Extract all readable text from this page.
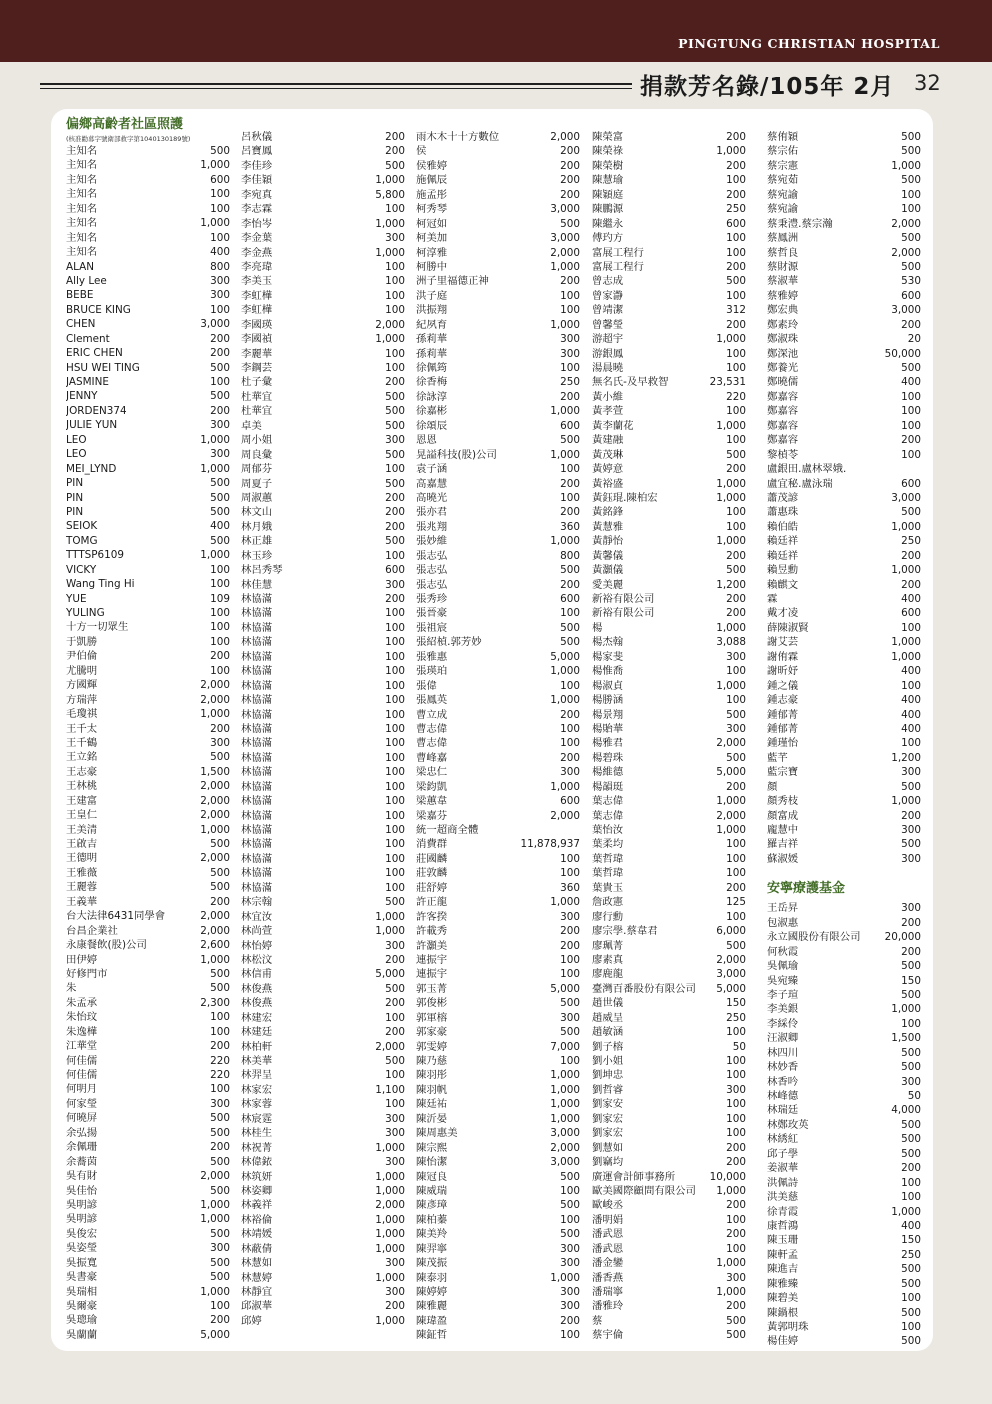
PINGTUNG CHRISTIAN HOSPITAL

捐款芳名錄/105年 2月 32

偏鄉高齡者社區照護

(核准勸募字號衛部救字第1040130189號)
主知名	500
主知名	1,000
主知名	600
主知名	100
主知名	100
主知名	1,000
主知名	100
主知名	400
ALAN	800
Ally Lee	300
BEBE	300
BRUCE KING	100
CHEN	3,000
Clement	200
ERIC CHEN	200
HSU WEI TING	500
JASMINE	100
JENNY	500
JORDEN374	200
JULIE YUN	300
LEO	1,000
LEO	300
MEI_LYND	1,000
PIN	500
PIN	500
PIN	500
SEIOK	400
TOMG	500
TTTSP6109	1,000
VICKY	100
Wang Ting Hi	100
YUE	109
YULING	100
十方一切眾生	100
于凱勝	100
尹伯倫	200
尤騰明	100
方國輝	2,000
方瑞萍	2,000
毛瓊祺	1,000
王千太	200
王千鶴	300
王立銘	500
王志豪	1,500
王林桃	2,000
王建富	2,000
王皇仁	2,000
王美清	1,000
王啟吉	500
王德明	2,000
王雅薇	500
王麗蓉	500
王義華	200
台大法律6431同學會	2,000
台昌企業社	2,000
永康餐飲(股)公司	2,600
田伊婷	1,000
好修門市	500
朱	500
朱孟承	2,300
朱怡玟	100
朱逸樺	100
江華堂	200
何佳儒	220
何佳儒	220
何明月	100
何家瑩	300
何曉屏	500
余弘揚	500
余佩珊	200
余蕎茵	500
吳有財	2,000
吳佳怡	500
吳明諺	1,000
吳明諺	1,000
吳俊宏	500
吳姿瑩	300
吳振寬	500
吳書豪	500
吳瑞相	1,000
吳爾豪	100
吳璁瑜	200
吳蘭蘭	5,000
呂秋儀	200
呂寶鳳	200
李佳珍	500
李佳穎	1,000
李宛真	5,800
李志霖	100
李怡岑	1,000
李金葉	300
李金燕	1,000
李亮瑋	100
李美玉	100
李虹樺	100
李虹樺	100
李國瑛	2,000
李國禎	1,000
李麗華	100
李鋼芸	100
杜子彙	200
杜華宜	500
杜華宜	500
卓美	500
周小姐	300
周良彙	500
周郁芬	100
周夏子	500
周淑蕙	200
林文山	200
林月娥	200
林正雄	500
林玉珍	100
林呂秀琴	600
林佳慧	300
林協滿	200
林協滿	100
林協滿	100
林協滿	100
林協滿	100
林協滿	100
林協滿	100
林協滿	100
林協滿	100
林協滿	100
林協滿	100
林協滿	100
林協滿	100
林協滿	100
林協滿	100
林協滿	100
林協滿	100
林協滿	100
林協滿	100
林協滿	100
林協滿	100
林宗翰	500
林宜汝	1,000
林尚萱	1,000
林怡婷	300
林松汶	200
林信甫	5,000
林俊燕	500
林俊燕	200
林建宏	100
林建廷	200
林柏軒	2,000
林美華	500
林羿呈	100
林家宏	1,100
林家蓉	100
林宸霆	300
林桂生	300
林祝菁	1,000
林偉銥	300
林筑妍	1,000
林姿卿	1,000
林義祥	2,000
林裕倫	1,000
林靖媛	1,000
林蔽倩	1,000
林慧如	300
林慧婷	1,000
林靜宜	300
邱淑華	200
邱婷	1,000
雨木木十十方數位	2,000
侯	200
侯雅婷	200
施佩辰	200
施孟彤	200
柯秀琴	3,000
柯冠如	500
柯美加	3,000
柯淳雅	2,000
柯勝中	1,000
洲子里福德正神	200
洪子庭	100
洪振翔	100
紀夙育	1,000
孫莉華	300
孫莉華	300
徐佩筠	100
徐香梅	250
徐詠淳	200
徐嘉彬	1,000
徐頌辰	600
恩恩	500
晃謚科技(股)公司	1,000
袁子涵	100
高嘉慧	200
高曉光	100
張亦君	200
張兆翔	360
張妙維	1,000
張志弘	800
張志弘	500
張志弘	200
張秀珍	600
張晉豪	100
張祖宸	500
張紹楨.郭芳妙	500
張雅惠	5,000
張瑛珀	1,000
張偉	100
張鳳英	1,000
曹立成	200
曹志偉	100
曹志偉	100
曹峰嘉	200
梁忠仁	300
梁鈞凱	1,000
梁蕙韋	600
梁嘉芬	2,000
統一超商全體
消費群	11,878,937
莊國麟	100
莊敦麟	100
莊舒婷	360
許正龍	1,000
許客揆	300
許載秀	200
許灝美	200
連振宇	100
連振宇	100
郭玉菁	5,000
郭俊彬	500
郭軍榕	300
郭家豪	500
郭雯婷	7,000
陳乃慈	100
陳羽彤	1,000
陳羽帆	1,000
陳廷祐	1,000
陳沂晏	1,000
陳周惠美	3,000
陳宗熙	2,000
陳怡潔	3,000
陳冠良	500
陳威瑞	100
陳彥璋	500
陳柏蓁	100
陳美羚	500
陳羿寧	300
陳茂振	300
陳泰羽	1,000
陳婷婷	300
陳雅麗	300
陳瑋盈	200
陳鉦哲	100
陳榮富	200
陳榮祿	1,000
陳榮樹	200
陳慧瑜	100
陳穎庭	200
陳鵬源	250
陳繼永	600
傅玓方	100
富展工程行	100
富展工程行	200
曾志成	500
曾家瀞	100
曾靖潔	312
曾馨瑩	200
游超宇	1,000
游銀鳳	100
湯晨曉	100
無名氏-及早救智	23,531
黃小維	220
黃孝萱	100
黃李蘭花	1,000
黃建融	100
黃茂琳	500
黃婷意	200
黃裕盛	1,000
黃鈺琨.陳柏宏	1,000
黃銘鋒	100
黃慧雅	100
黃靜怡	1,000
黃馨儀	200
黃灝儀	500
愛美麗	1,200
新裕有限公司	200
新裕有限公司	200
楊	1,000
楊杰翰	3,088
楊家斐	300
楊惟喬	100
楊淑貞	1,000
楊勝涵	100
楊景翔	500
楊貽華	300
楊雅君	2,000
楊碧珠	500
楊維德	5,000
楊韻珽	200
葉志偉	1,000
葉志偉	2,000
葉怡汝	1,000
葉柔均	100
葉哲瑋	100
葉哲瑋	100
葉貴玉	200
詹政憲	125
廖行勳	100
廖宗學.蔡韋君	6,000
廖珮菁	500
廖素真	2,000
廖鹿龍	3,000
臺灣百番股份有限公司	5,000
趙世儀	150
趙威呈	250
趙敏涵	100
劉子榕	50
劉小姐	100
劉坤忠	100
劉哲睿	300
劉家安	100
劉家宏	100
劉家宏	100
劉慧如	200
劉竊均	200
廣運會計師事務所	10,000
歐美國際顧問有限公司	1,000
歐峻丞	200
潘明娟	100
潘武恩	200
潘武恩	100
潘金鑾	1,000
潘香燕	300
潘瑞寧	1,000
潘雅玲	200
蔡	500
蔡宇倫	500
蔡侑穎	500
蔡宗佑	500
蔡宗憲	1,000
蔡宛茹	500
蔡宛諭	100
蔡宛諭	100
蔡秉澧.蔡宗瀚	2,000
蔡鳳洲	500
蔡哲良	2,000
蔡財源	500
蔡淑華	530
蔡雅婷	600
鄭宏典	3,000
鄭素玲	200
鄭淑珠	20
鄭深池	50,000
鄭養光	500
鄭曉儒	400
鄭嘉容	100
鄭嘉容	100
鄭嘉容	100
鄭嘉容	200
黎楨苓	100
盧銀田.盧林翠娥.
盧宜秘.盧泳瑞	600
蕭茂諺	3,000
蕭惠珠	500
賴伯皓	1,000
賴廷祥	250
賴廷祥	200
賴昱勳	1,000
賴麒文	200
霖	400
戴才凌	600
薛陳淑賢	100
謝艾芸	1,000
謝侑霖	1,000
謝昕妤	400
鍾之儀	100
鍾志豪	400
鍾郁菁	400
鍾郁菁	400
鍾瑾怡	100
藍芊	1,200
藍宗寶	300
顏	500
顏秀枝	1,000
顏富成	200
龐慧中	300
羅吉祥	500
蘇淑媛	300

安寧療護基金

王岳昇	300
包淑惠	200
永立國股份有限公司	20,000
何秋霞	200
吳佩瑜	500
吳宛臻	150
李子瑄	500
李美銀	1,000
李綵伶	100
汪淑卿	1,500
林四川	500
林妙香	500
林香吟	300
林峰德	50
林瑞廷	4,000
林鄭玫英	500
林綉紅	500
邱子學	500
姜淑華	200
洪佩詩	100
洪美慈	100
徐青霞	1,000
康哲鴻	400
陳玉珊	150
陳軒孟	250
陳進吉	500
陳雅臻	500
陳碧美	100
陳鍋根	500
黃郭明珠	100
楊佳婷	500
